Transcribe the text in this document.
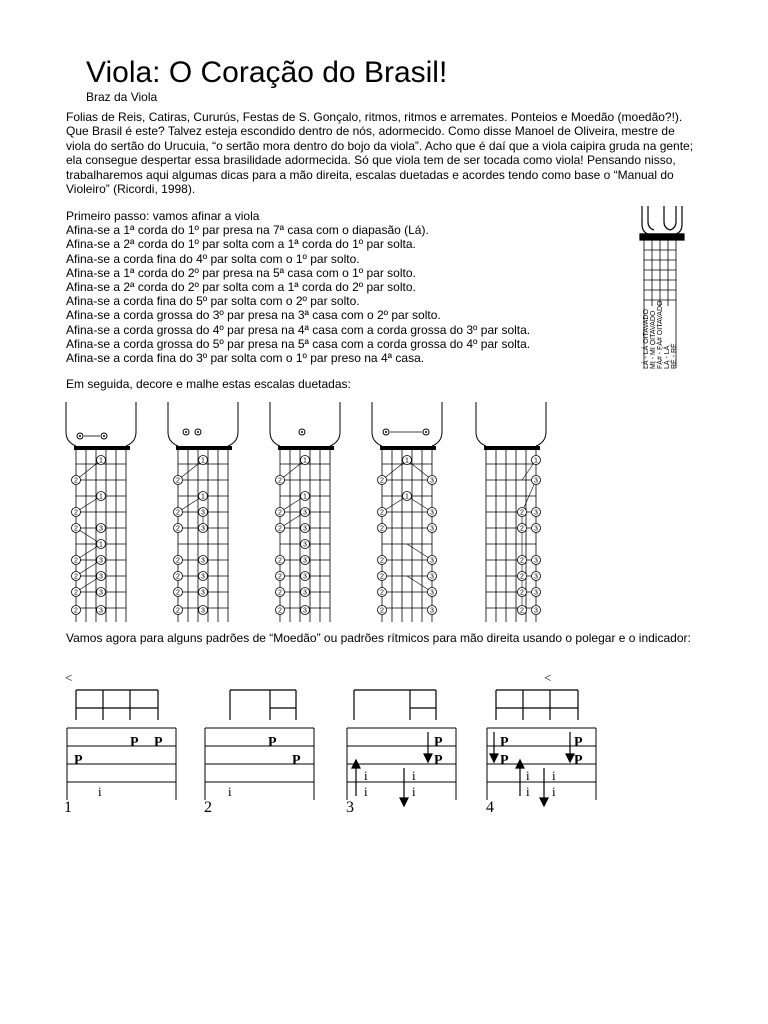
Viola: O Coração do Brasil!
Braz da Viola

Folias de Reis, Catiras, Cururús, Festas de S. Gonçalo, ritmos, ritmos e arremates. Ponteios e Moedão (moedão?!). Que Brasil é este? Talvez esteja escondido dentro de nós, adormecido. Como disse Manoel de Oliveira, mestre de viola do sertão do Urucuia, “o sertão mora dentro do bojo da viola”. Acho que é daí que a viola caipira gruda na gente; ela consegue despertar essa brasilidade adormecida. Só que viola tem de ser tocada como viola! Pensando nisso, trabalharemos aqui algumas dicas para a mão direita, escalas duetadas e acordes tendo como base o “Manual do Violeiro” (Ricordi, 1998).

Primeiro passo: vamos afinar a viola
Afina-se a 1ª corda do 1º par presa na 7ª casa com o diapasão (Lá).
Afina-se a 2ª corda do 1º par solta com a 1ª corda do 1º par solta.
Afina-se a corda fina do 4º par solta com o 1º par solto.
Afina-se a 1ª corda do 2º par presa na 5ª casa com o 1º par solto.
Afina-se a 2ª corda do 2º par solta com a 1ª corda do 2º par solto.
Afina-se a corda fina do 5º par solta com o 2º par solto.
Afina-se a corda grossa do 3º par presa na 3ª casa com o 2º par solto.
Afina-se a corda grossa do 4º par presa na 4ª casa com a corda grossa do 3º par solta.
Afina-se a corda grossa do 5º par presa na 5ª casa com a corda grossa do 4º par solta.
Afina-se a corda fina do 3º par solta com o 1º par preso na 4ª casa.	LÁ - LÁ OITAVADO MI - MI OITAVADO FÁ# - FÁ# OITAVADO LÁ - LÁ RÉ - RÉ
Em seguida, decore e malhe estas escalas duetadas:
1
3
2 3
2 3
2 3
2 3
2 3
2 3
Vamos agora para alguns padrões de “Moedão” ou padrões rítmicos para mão direita usando o polegar e o indicador:
<
P P
P
i
1
P
P
i
2
P
P
i
i
i
i
3
<
P
P
P
P
i
i
i
i
4
